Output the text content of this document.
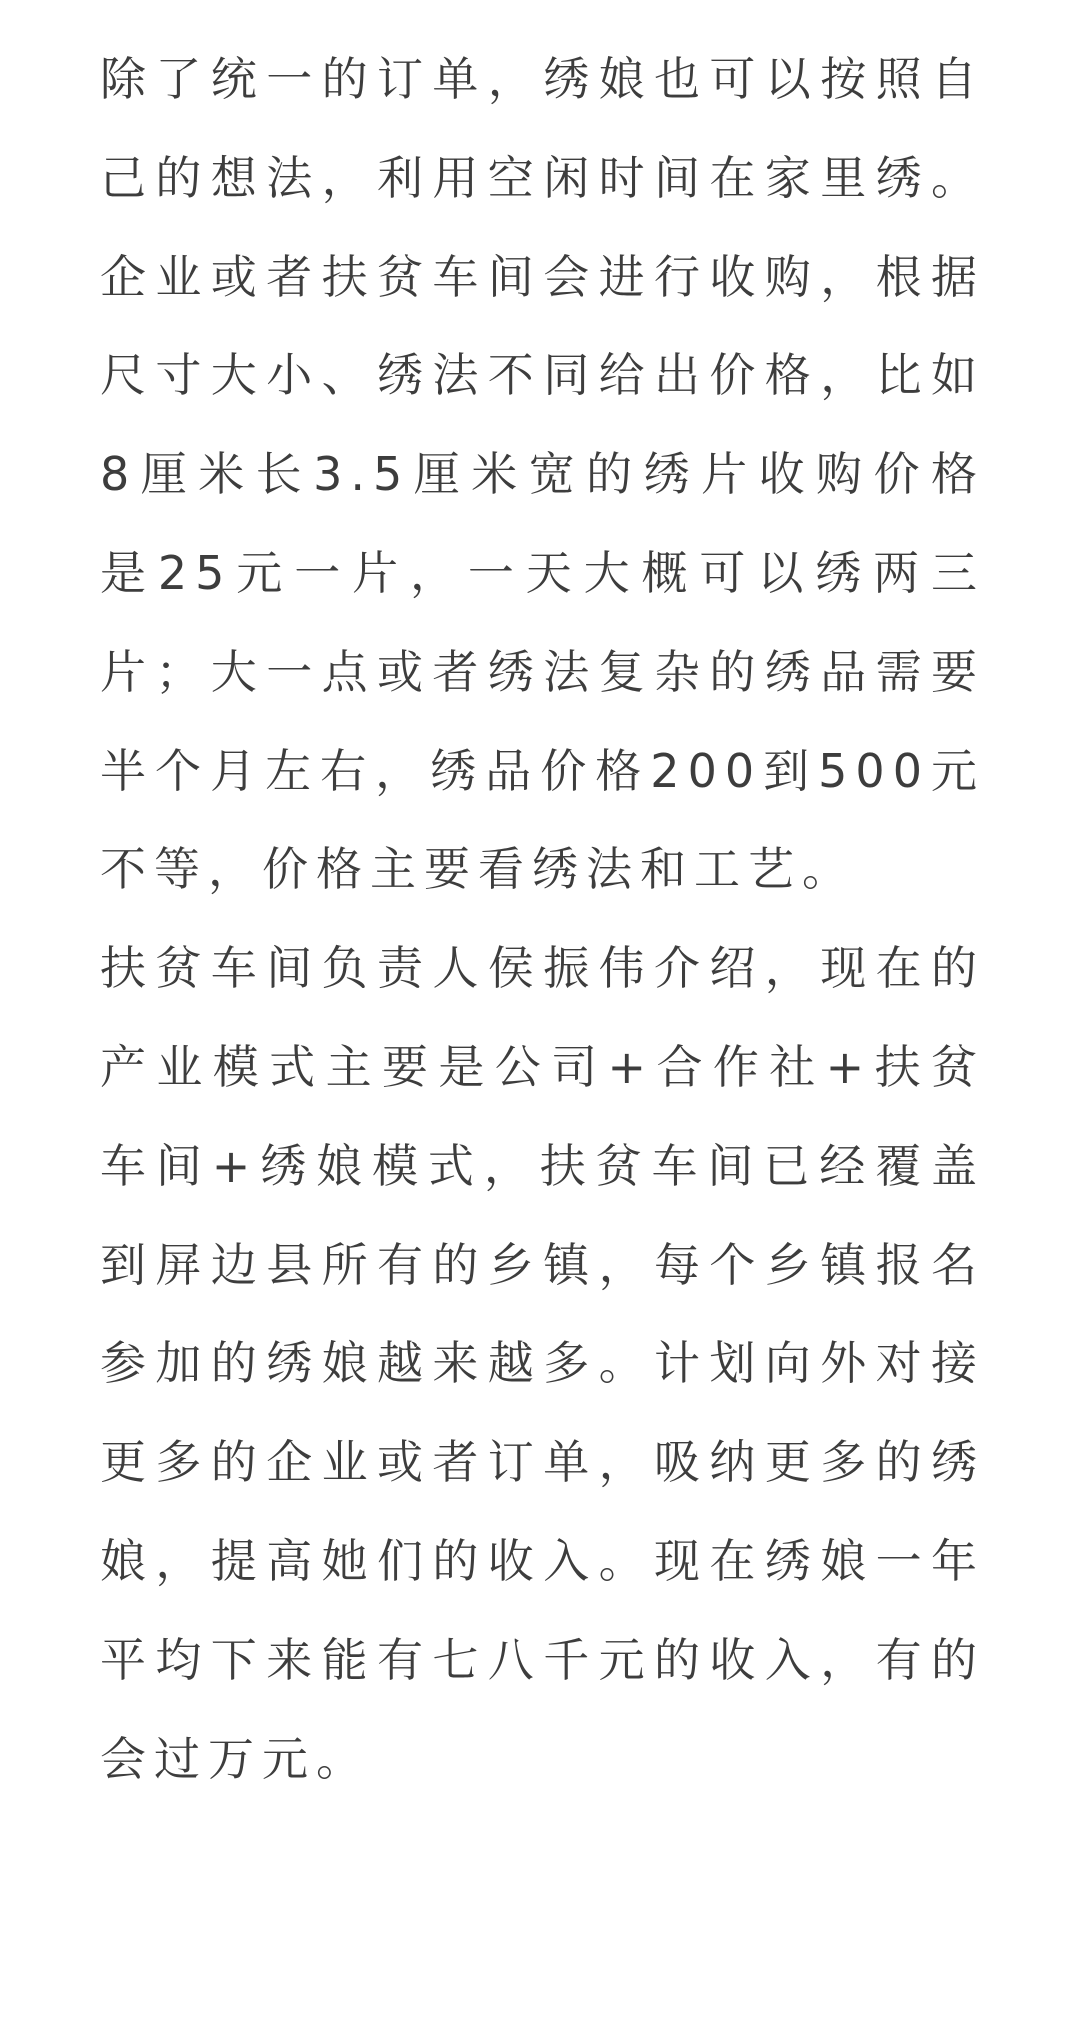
除了统一的订单，绣娘也可以按照自己的想法，利用空闲时间在家里绣。企业或者扶贫车间会进行收购，根据尺寸大小、绣法不同给出价格，比如8厘米长3.5厘米宽的绣片收购价格是25元一片，一天大概可以绣两三片；大一点或者绣法复杂的绣品需要半个月左右，绣品价格200到500元不等，价格主要看绣法和工艺。

扶贫车间负责人侯振伟介绍，现在的产业模式主要是公司+合作社+扶贫车间+绣娘模式，扶贫车间已经覆盖到屏边县所有的乡镇，每个乡镇报名参加的绣娘越来越多。计划向外对接更多的企业或者订单，吸纳更多的绣娘，提高她们的收入。现在绣娘一年平均下来能有七八千元的收入，有的会过万元。
